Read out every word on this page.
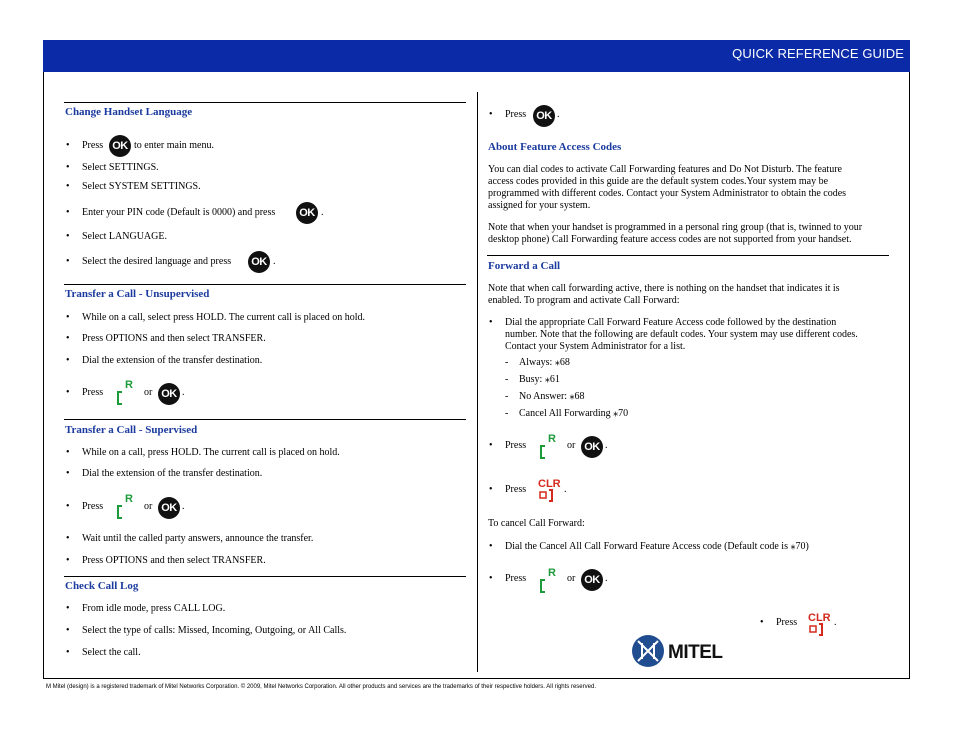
QUICK REFERENCE GUIDE
Change Handset Language
• Press OK to enter main menu.
• Select SETTINGS.
• Select SYSTEM SETTINGS.
• Enter your PIN code (Default is 0000) and press OK .
• Select LANGUAGE.
• Select the desired language and press OK .
Transfer a Call - Unsupervised
• While on a call, select press HOLD. The current call is placed on hold.
• Press OPTIONS and then select TRANSFER.
• Dial the extension of the transfer destination.
• Press
R
or OK .
Transfer a Call - Supervised
• While on a call, press HOLD. The current call is placed on hold.
• Dial the extension of the transfer destination.
• Press
R
or OK .
• Wait until the called party answers, announce the transfer.
• Press OPTIONS and then select TRANSFER.
Check Call Log
• From idle mode, press CALL LOG.
• Select the type of calls: Missed, Incoming, Outgoing, or All Calls.
• Select the call.
• Press OK .
About Feature Access Codes
You can dial codes to activate Call Forwarding features and Do Not Disturb. The feature
access codes provided in this guide are the default system codes.Your system may be
programmed with different codes. Contact your System Administrator to obtain the codes
assigned for your system.
Note that when your handset is programmed in a personal ring group (that is, twinned to your
desktop phone) Call Forwarding feature access codes are not supported from your handset.
Forward a Call
Note that when call forwarding active, there is nothing on the handset that indicates it is
enabled. To program and activate Call Forward:
• Dial the appropriate Call Forward Feature Access code followed by the destination
number. Note that the following are default codes. Your system may use different codes.
Contact your System Administrator for a list.
- Always: ⁎68
- Busy: ⁎61
- No Answer: ⁎68
- Cancel All Forwarding ⁎70
• Press
R
or OK .
• Press CLR .
To cancel Call Forward:
• Dial the Cancel All Call Forward Feature Access code (Default code is ⁎70)
• Press R or OK .
• Press CLR .
MITEL
M Mitel (design) is a registered trademark of Mitel Networks Corporation. © 2009, Mitel Networks Corporation. All other products and services are the trademarks of their respective holders. All rights reserved.
